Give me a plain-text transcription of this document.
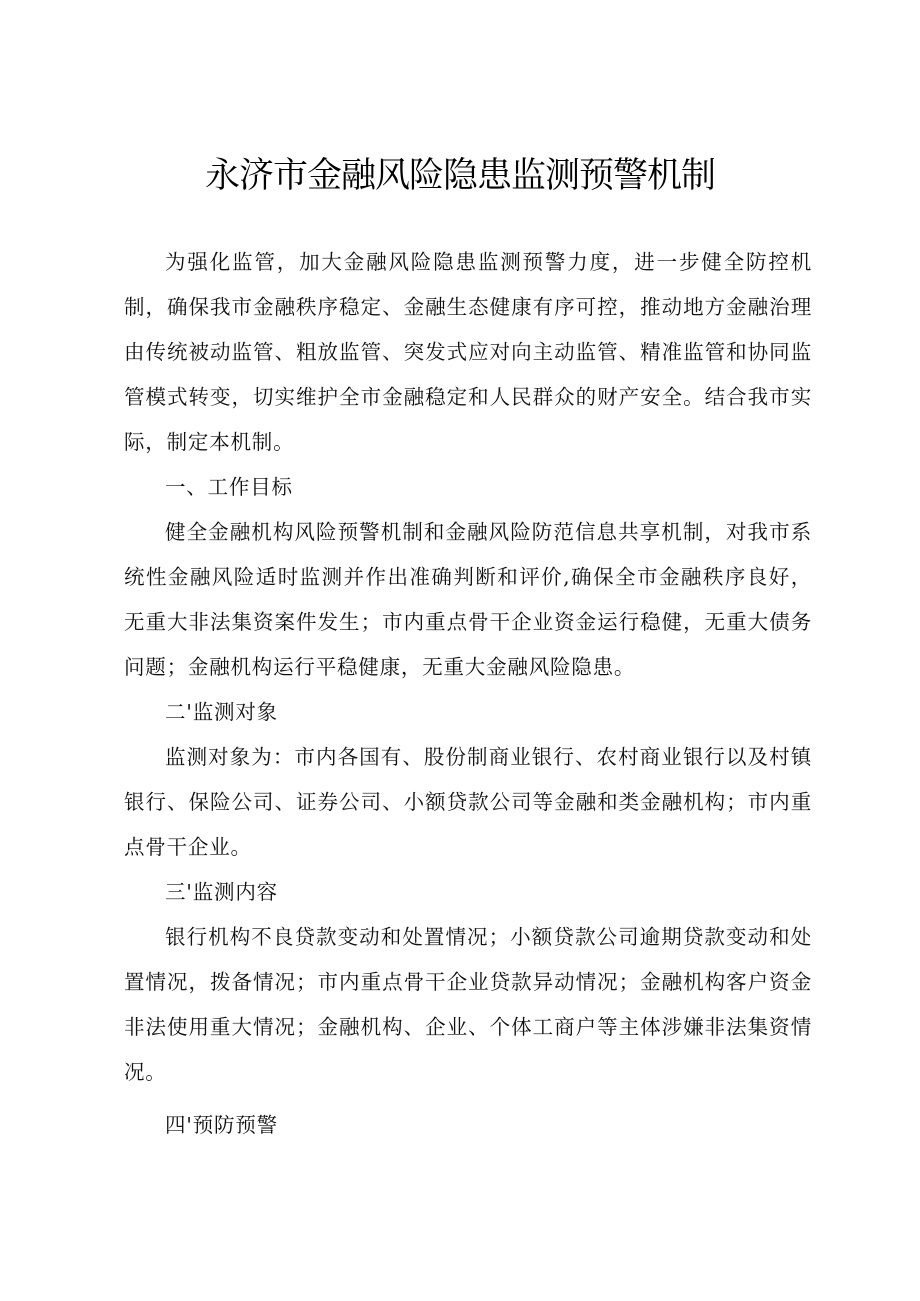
永济市金融风险隐患监测预警机制

为强化监管，加大金融风险隐患监测预警力度，进一步健全防控机制，确保我市金融秩序稳定、金融生态健康有序可控，推动地方金融治理由传统被动监管、粗放监管、突发式应对向主动监管、精准监管和协同监管模式转变，切实维护全市金融稳定和人民群众的财产安全。结合我市实际，制定本机制。

一、工作目标

健全金融机构风险预警机制和金融风险防范信息共享机制，对我市系统性金融风险适时监测并作出准确判断和评价,确保全市金融秩序良好，无重大非法集资案件发生；市内重点骨干企业资金运行稳健，无重大债务问题；金融机构运行平稳健康，无重大金融风险隐患。

二'监测对象

监测对象为：市内各国有、股份制商业银行、农村商业银行以及村镇银行、保险公司、证券公司、小额贷款公司等金融和类金融机构；市内重点骨干企业。

三'监测内容

银行机构不良贷款变动和处置情况；小额贷款公司逾期贷款变动和处置情况，拨备情况；市内重点骨干企业贷款异动情况；金融机构客户资金非法使用重大情况；金融机构、企业、个体工商户等主体涉嫌非法集资情况。

四'预防预警
